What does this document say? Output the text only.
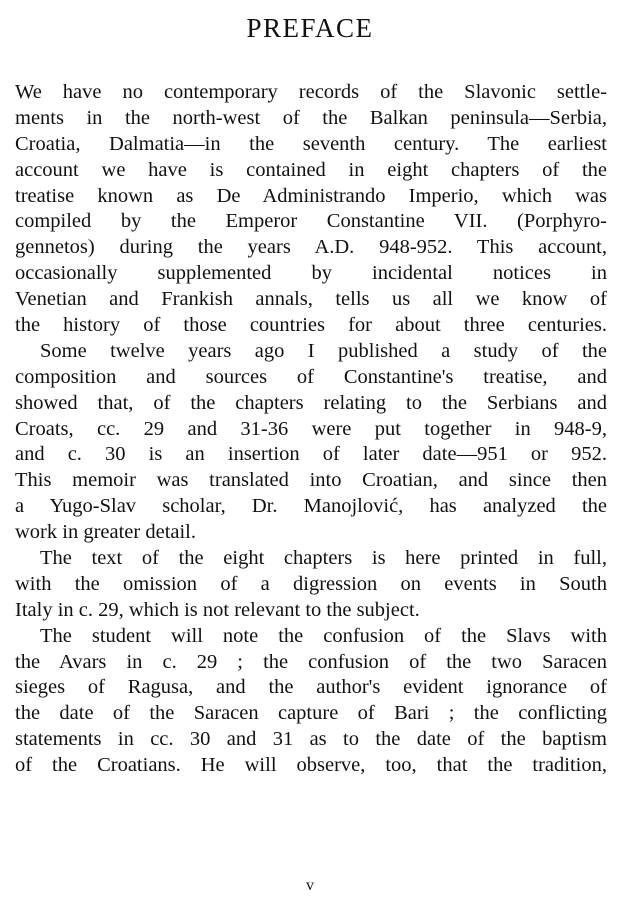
PREFACE
We have no contemporary records of the Slavonic settle-
ments in the north-west of the Balkan peninsula—Serbia,
Croatia, Dalmatia—in the seventh century. The earliest
account we have is contained in eight chapters of the
treatise known as De Administrando Imperio, which was
compiled by the Emperor Constantine VII. (Porphyro-
gennetos) during the years A.D. 948-952. This account,
occasionally supplemented by incidental notices in
Venetian and Frankish annals, tells us all we know of
the history of those countries for about three centuries.
Some twelve years ago I published a study of the
composition and sources of Constantine's treatise, and
showed that, of the chapters relating to the Serbians and
Croats, cc. 29 and 31-36 were put together in 948-9,
and c. 30 is an insertion of later date—951 or 952.
This memoir was translated into Croatian, and since then
a Yugo-Slav scholar, Dr. Manojlović, has analyzed the
work in greater detail.
The text of the eight chapters is here printed in full,
with the omission of a digression on events in South
Italy in c. 29, which is not relevant to the subject.
The student will note the confusion of the Slavs with
the Avars in c. 29 ; the confusion of the two Saracen
sieges of Ragusa, and the author's evident ignorance of
the date of the Saracen capture of Bari ; the conflicting
statements in cc. 30 and 31 as to the date of the baptism
of the Croatians. He will observe, too, that the tradition,
v
